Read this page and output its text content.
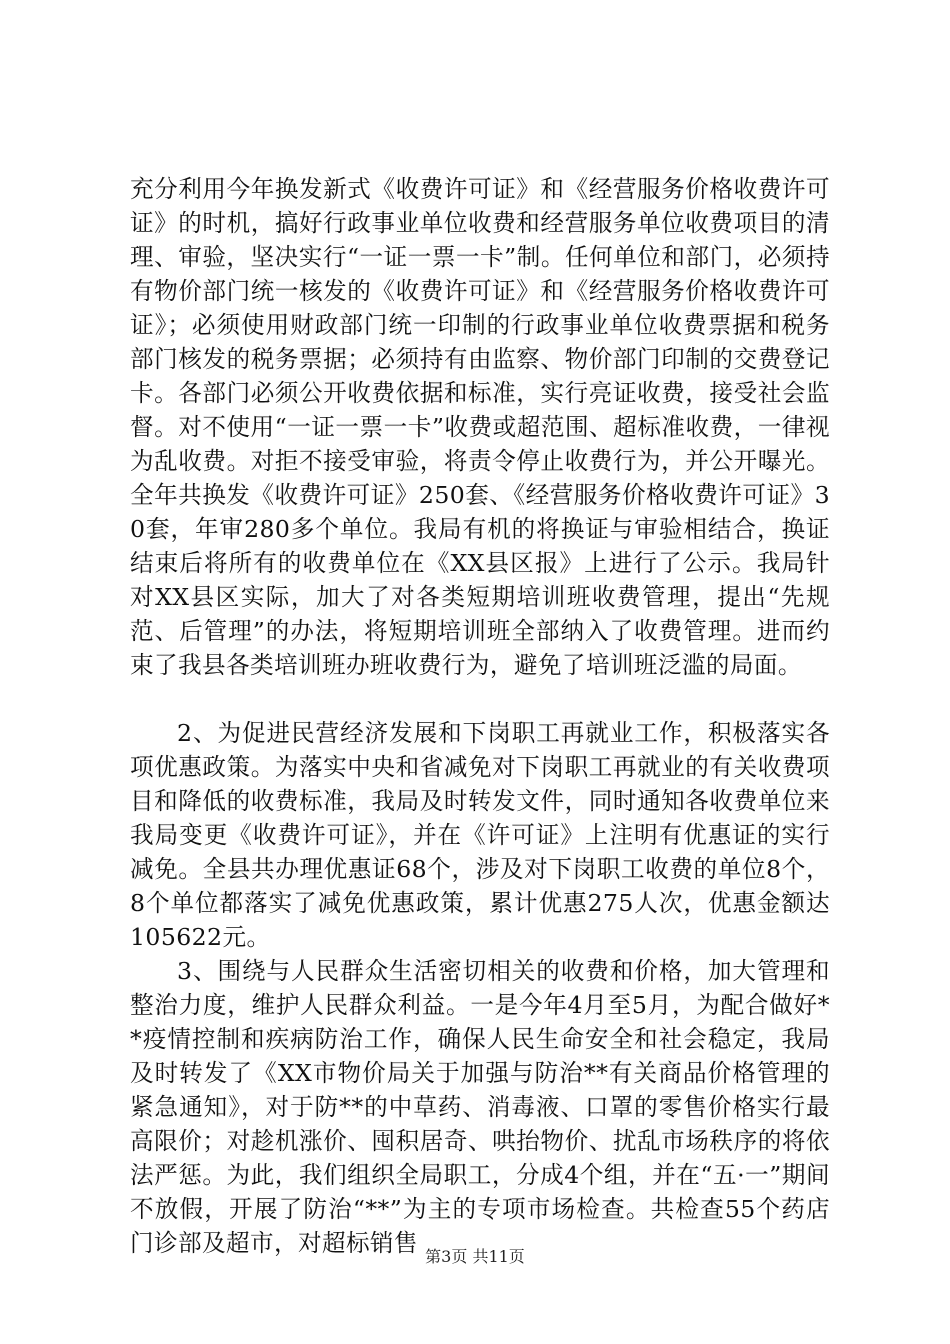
充分利用今年换发新式《收费许可证》和《经营服务价格收费许可证》的时机，搞好行政事业单位收费和经营服务单位收费项目的清理、审验，坚决实行“一证一票一卡”制。任何单位和部门，必须持有物价部门统一核发的《收费许可证》和《经营服务价格收费许可证》；必须使用财政部门统一印制的行政事业单位收费票据和税务部门核发的税务票据；必须持有由监察、物价部门印制的交费登记卡。各部门必须公开收费依据和标准，实行亮证收费，接受社会监督。对不使用“一证一票一卡”收费或超范围、超标准收费，一律视为乱收费。对拒不接受审验，将责令停止收费行为，并公开曝光。全年共换发《收费许可证》250套、《经营服务价格收费许可证》30套，年审280多个单位。我局有机的将换证与审验相结合，换证结束后将所有的收费单位在《XX县区报》上进行了公示。我局针对XX县区实际，加大了对各类短期培训班收费管理，提出“先规范、后管理”的办法，将短期培训班全部纳入了收费管理。进而约束了我县各类培训班办班收费行为，避免了培训班泛滥的局面。

2、为促进民营经济发展和下岗职工再就业工作，积极落实各项优惠政策。为落实中央和省减免对下岗职工再就业的有关收费项目和降低的收费标准，我局及时转发文件，同时通知各收费单位来我局变更《收费许可证》，并在《许可证》上注明有优惠证的实行减免。全县共办理优惠证68个，涉及对下岗职工收费的单位8个，8个单位都落实了减免优惠政策，累计优惠275人次，优惠金额达105622元。

3、围绕与人民群众生活密切相关的收费和价格，加大管理和整治力度，维护人民群众利益。一是今年4月至5月，为配合做好**疫情控制和疾病防治工作，确保人民生命安全和社会稳定，我局及时转发了《XX市物价局关于加强与防治**有关商品价格管理的紧急通知》，对于防**的中草药、消毒液、口罩的零售价格实行最高限价；对趁机涨价、囤积居奇、哄抬物价、扰乱市场秩序的将依法严惩。为此，我们组织全局职工，分成4个组，并在“五·一”期间不放假，开展了防治“**”为主的专项市场检查。共检查55个药店门诊部及超市，对超标销售 第3页 共11页
